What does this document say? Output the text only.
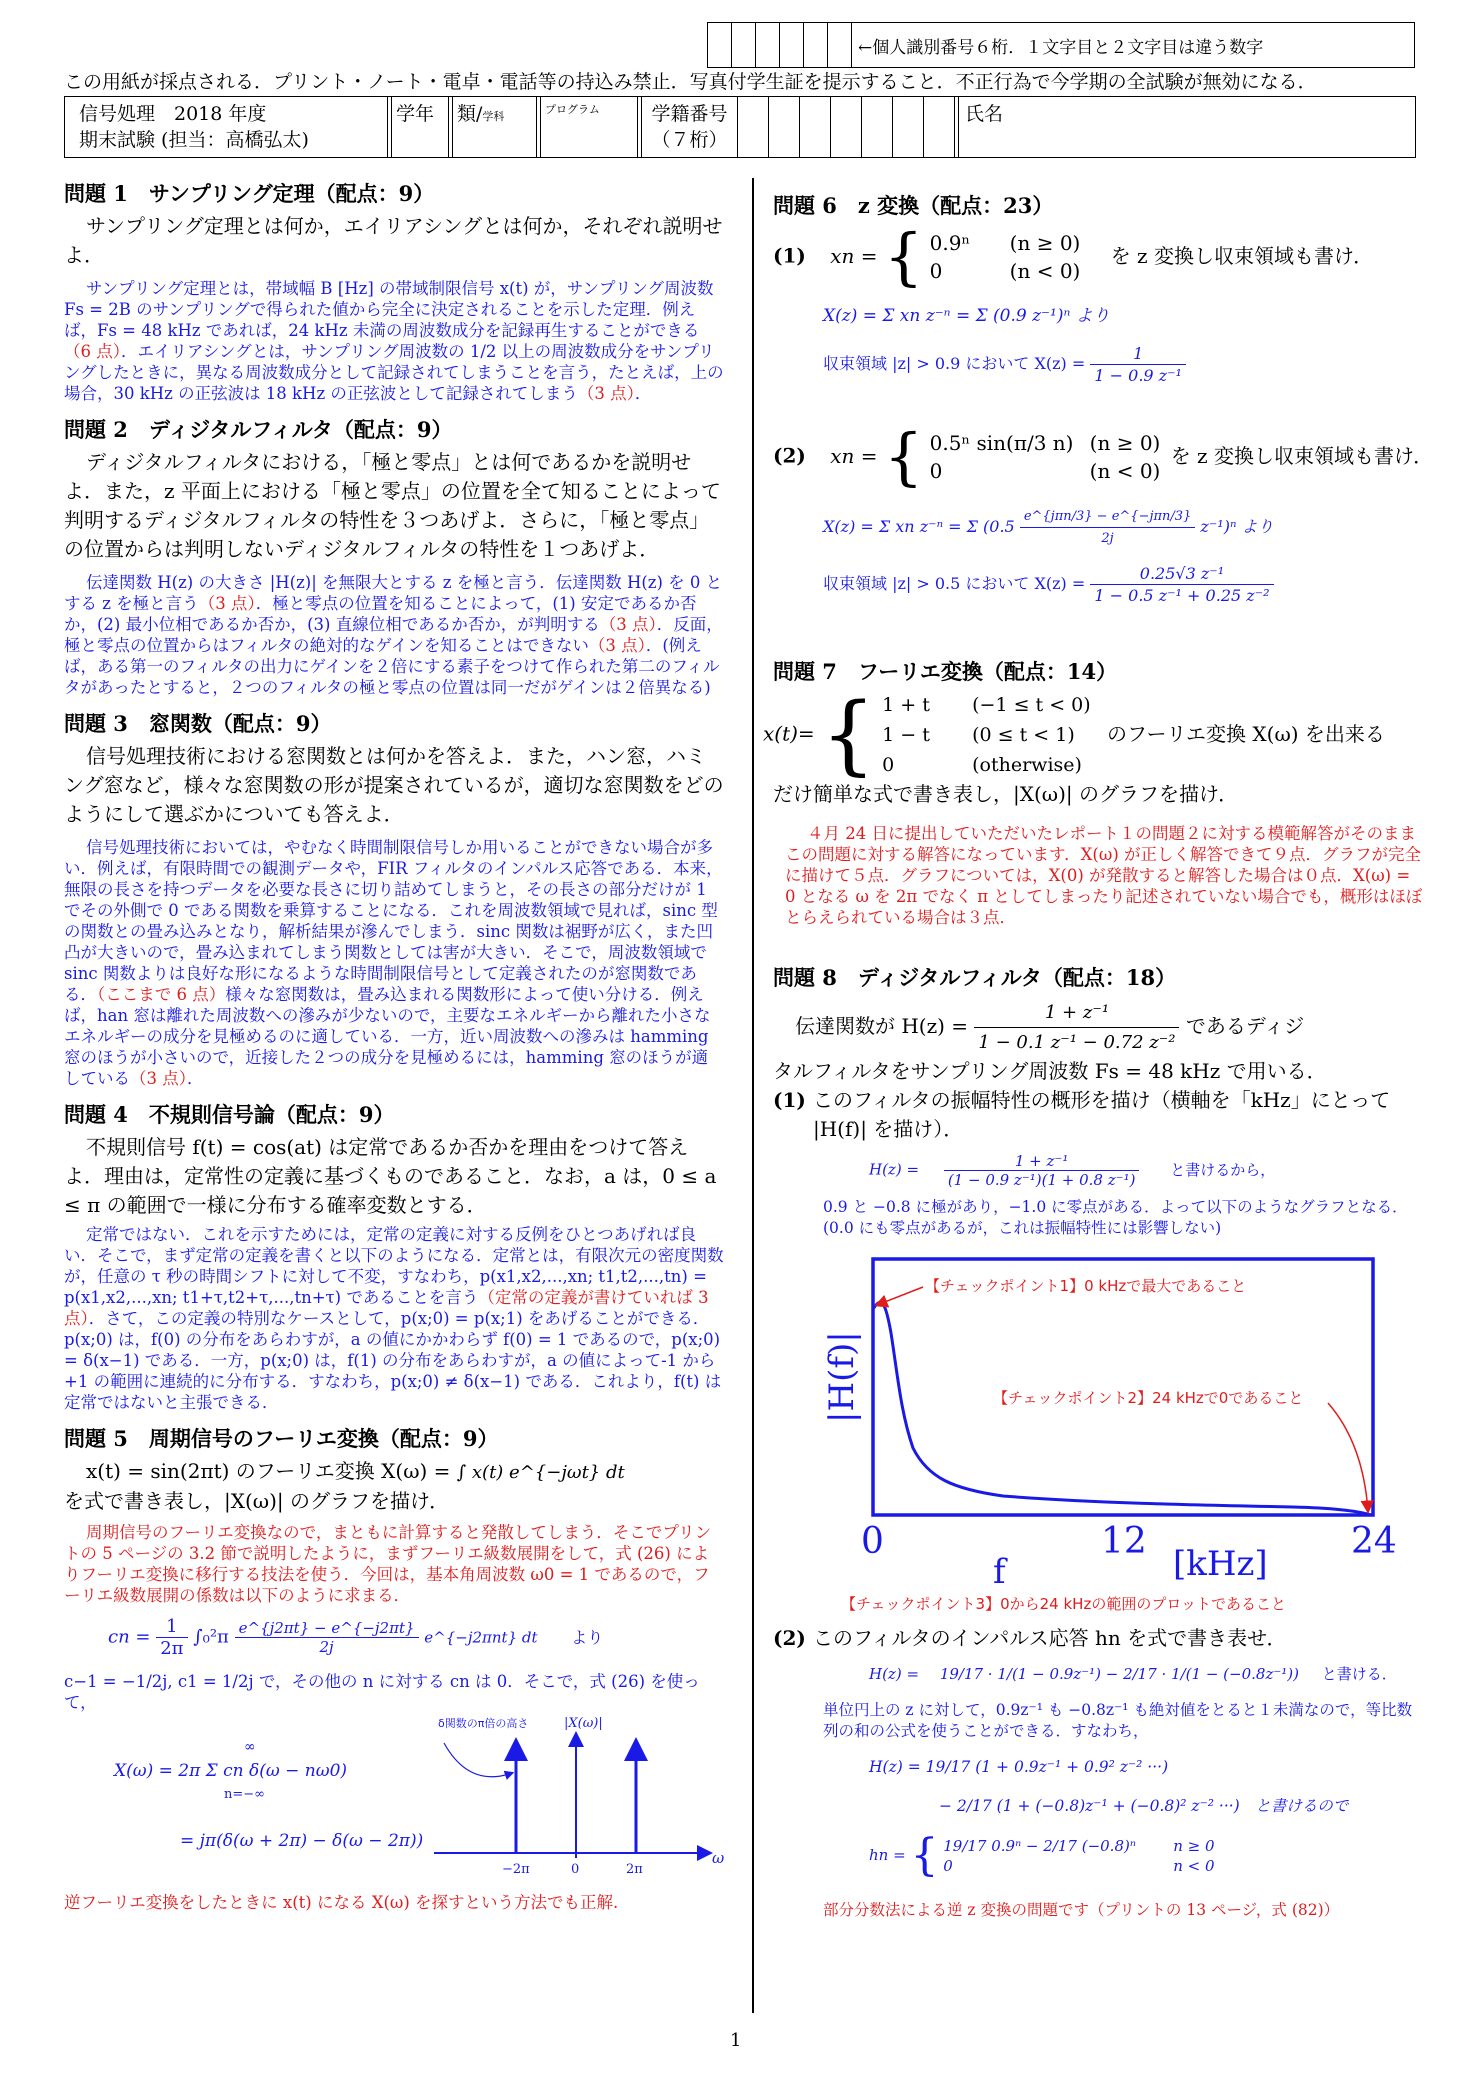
						←個人識別番号６桁．１文字目と２文字目は違う数字
この用紙が採点される．プリント・ノート・電卓・電話等の持込み禁止．写真付学生証を提示すること．不正行為で今学期の全試験が無効になる．
信号処理　2018 年度
期末試験 (担当：高橋弘太)
		学年		類/学科		プログラム		学籍番号
（７桁）
									氏名
問題 1　サンプリング定理（配点：9）

サンプリング定理とは何か，エイリアシングとは何か，それぞれ説明せよ．

サンプリング定理とは，帯域幅 B [Hz] の帯域制限信号 x(t) が，サンプリング周波数 Fs = 2B のサンプリングで得られた値から完全に決定されることを示した定理．例えば，Fs = 48 kHz であれば，24 kHz 未満の周波数成分を記録再生することができる（6 点）．エイリアシングとは，サンプリング周波数の 1/2 以上の周波数成分をサンプリングしたときに，異なる周波数成分として記録されてしまうことを言う，たとえば，上の場合，30 kHz の正弦波は 18 kHz の正弦波として記録されてしまう（3 点）．

問題 2　ディジタルフィルタ（配点：9）

ディジタルフィルタにおける，「極と零点」とは何であるかを説明せよ．また，z 平面上における「極と零点」の位置を全て知ることによって判明するディジタルフィルタの特性を３つあげよ．さらに，「極と零点」の位置からは判明しないディジタルフィルタの特性を１つあげよ．

伝達関数 H(z) の大きさ |H(z)| を無限大とする z を極と言う．伝達関数 H(z) を 0 とする z を極と言う（3 点）．極と零点の位置を知ることによって，(1) 安定であるか否か，(2) 最小位相であるか否か，(3) 直線位相であるか否か，が判明する（3 点）．反面，極と零点の位置からはフィルタの絶対的なゲインを知ることはできない（3 点）．(例えば，ある第一のフィルタの出力にゲインを２倍にする素子をつけて作られた第二のフィルタがあったとすると，２つのフィルタの極と零点の位置は同一だがゲインは２倍異なる)

問題 3　窓関数（配点：9）

信号処理技術における窓関数とは何かを答えよ．また，ハン窓，ハミング窓など，様々な窓関数の形が提案されているが，適切な窓関数をどのようにして選ぶかについても答えよ．

信号処理技術においては，やむなく時間制限信号しか用いることができない場合が多い．例えば，有限時間での観測データや，FIR フィルタのインパルス応答である．本来，無限の長さを持つデータを必要な長さに切り詰めてしまうと，その長さの部分だけが 1 でその外側で 0 である関数を乗算することになる．これを周波数領域で見れば，sinc 型の関数との畳み込みとなり，解析結果が滲んでしまう．sinc 関数は裾野が広く，また凹凸が大きいので，畳み込まれてしまう関数としては害が大きい．そこで，周波数領域で sinc 関数よりは良好な形になるような時間制限信号として定義されたのが窓関数である．（ここまで 6 点）様々な窓関数は，畳み込まれる関数形によって使い分ける．例えば，han 窓は離れた周波数への滲みが少ないので，主要なエネルギーから離れた小さなエネルギーの成分を見極めるのに適している．一方，近い周波数への滲みは hamming 窓のほうが小さいので，近接した２つの成分を見極めるには，hamming 窓のほうが適している（3 点）．

問題 4　不規則信号論（配点：9）

不規則信号 f(t) = cos(at) は定常であるか否かを理由をつけて答えよ．理由は，定常性の定義に基づくものであること．なお，a は，0 ≤ a ≤ π の範囲で一様に分布する確率変数とする．

定常ではない．これを示すためには，定常の定義に対する反例をひとつあげれば良い．そこで，まず定常の定義を書くと以下のようになる．定常とは，有限次元の密度関数が，任意の τ 秒の時間シフトに対して不変，すなわち，p(x1,x2,...,xn; t1,t2,...,tn) = p(x1,x2,...,xn; t1+τ,t2+τ,...,tn+τ) であることを言う（定常の定義が書けていれば 3 点）．さて，この定義の特別なケースとして，p(x;0) = p(x;1) をあげることができる．p(x;0) は，f(0) の分布をあらわすが，a の値にかかわらず f(0) = 1 であるので，p(x;0) = δ(x−1) である．一方，p(x;0) は，f(1) の分布をあらわすが，a の値によって-1 から+1 の範囲に連続的に分布する．すなわち，p(x;0) ≠ δ(x−1) である．これより，f(t) は定常ではないと主張できる．

問題 5　周期信号のフーリエ変換（配点：9）

x(t) = sin(2πt) のフーリエ変換 X(ω) = ∫ x(t) e^{−jωt} dt

を式で書き表し，|X(ω)| のグラフを描け．

周期信号のフーリエ変換なので，まともに計算すると発散してしまう．そこでプリントの 5 ページの 3.2 節で説明したように，まずフーリエ級数展開をして，式 (26) によりフーリエ変換に移行する技法を使う．今回は，基本角周波数 ω0 = 1 であるので，フーリエ級数展開の係数は以下のように求まる．

cn = $\frac{1}{2\pi} \int_0^2\pi \frac{e\^{}\{j2\pi t\} - e\^{}\{-j2\pi t\}}{2j}$ e^{−j2πnt} dt より

c−1 = −1/2j, c1 = 1/2j で，その他の n に対する cn は 0．そこで，式 (26) を使って，

X(ω) = 2π Σ cn δ(ω − nω0)
∞
n=−∞
= jπ(δ(ω + 2π) − δ(ω − 2π))
δ関数のπ倍の高さ	|X(ω)|
ω
−2π	0	2π

逆フーリエ変換をしたときに x(t) になる X(ω) を探すという方法でも正解.

問題 6　z 変換（配点：23）
(1) xn = { 0.9ⁿ (n ≥ 0)
0	(n < 0) を z 変換し収束領域も書け．
X(z) = Σ xn z⁻ⁿ = Σ (0.9 z⁻¹)ⁿ より
収束領域 |z| > 0.9 において $X(z) = \frac{1}{\text{1 − 0.9 z⁻¹}}$
(2) xn = { 0.5ⁿ sin(π/3 n) (n ≥ 0)
0	(n < 0) を z 変換し収束領域も書け．
X(z) = Σ xn z⁻ⁿ = Σ $(0.5 \frac{\text{e\textasciicircum{}\{jπn/3\} − e\textasciicircum{}\{−jπn/3\}}}{2j} z^{-1})^n$ より
収束領域 |z| > 0.5 において $X(z) = \frac{\text{0.25√3 z⁻¹}}{\text{1 − 0.5 z⁻¹ + 0.25 z⁻²}}$
問題 7　フーリエ変換（配点：14）
x(t)= { 1 + t (−1 ≤ t < 0)
1 − t (0 ≤ t < 1)
0	(otherwise) のフーリエ変換 X(ω) を出来る

だけ簡単な式で書き表し，|X(ω)| のグラフを描け．

４月 24 日に提出していただいたレポート１の問題２に対する模範解答がそのままこの問題に対する解答になっています．X(ω) が正しく解答できて９点．グラフが完全に描けて５点．グラフについては，X(0) が発散すると解答した場合は０点．X(ω) = 0 となる ω を 2π でなく π としてしまったり記述されていない場合でも，概形はほぼとらえられている場合は３点．

問題 8　ディジタルフィルタ（配点：18）
伝達関数が $H(z) = \frac{\text{1 + z⁻¹}}{\text{1 − 0.1 z⁻¹ − 0.72 z⁻²}}$ であるディジ

タルフィルタをサンプリング周波数 Fs = 48 kHz で用いる．

(1) このフィルタの振幅特性の概形を描け（横軸を「kHz」にとって |H(f)| を描け）．
$H(z) = \frac{\text{1 + z⁻¹}}{\text{(1 − 0.9 z⁻¹)(1 + 0.8 z⁻¹)}}$ と書けるから，

0.9 と −0.8 に極があり，−1.0 に零点がある．よって以下のようなグラフとなる．(0.0 にも零点があるが，これは振幅特性には影響しない)

【チェックポイント1】0 kHzで最大であること
【チェックポイント2】24 kHzで0であること
|H(f)|
0	12	24
f	[kHz]

【チェックポイント3】0から24 kHzの範囲のプロットであること

(2) このフィルタのインパルス応答 hn を式で書き表せ．
H(z) = 19/17 · 1/(1 − 0.9z⁻¹) − 2/17 · 1/(1 − (−0.8z⁻¹)) と書ける．

単位円上の z に対して，0.9z⁻¹ も −0.8z⁻¹ も絶対値をとると１未満なので，等比数列の和の公式を使うことができる．すなわち，

H(z) = 19/17 (1 + 0.9z⁻¹ + 0.9² z⁻² ···)
− 2/17 (1 + (−0.8)z⁻¹ + (−0.8)² z⁻² ···)　と書けるので
hn = { 19/17 0.9ⁿ − 2/17 (−0.8)ⁿ n ≥ 0
0	n < 0

部分分数法による逆 z 変換の問題です（プリントの 13 ページ，式 (82)）

1
